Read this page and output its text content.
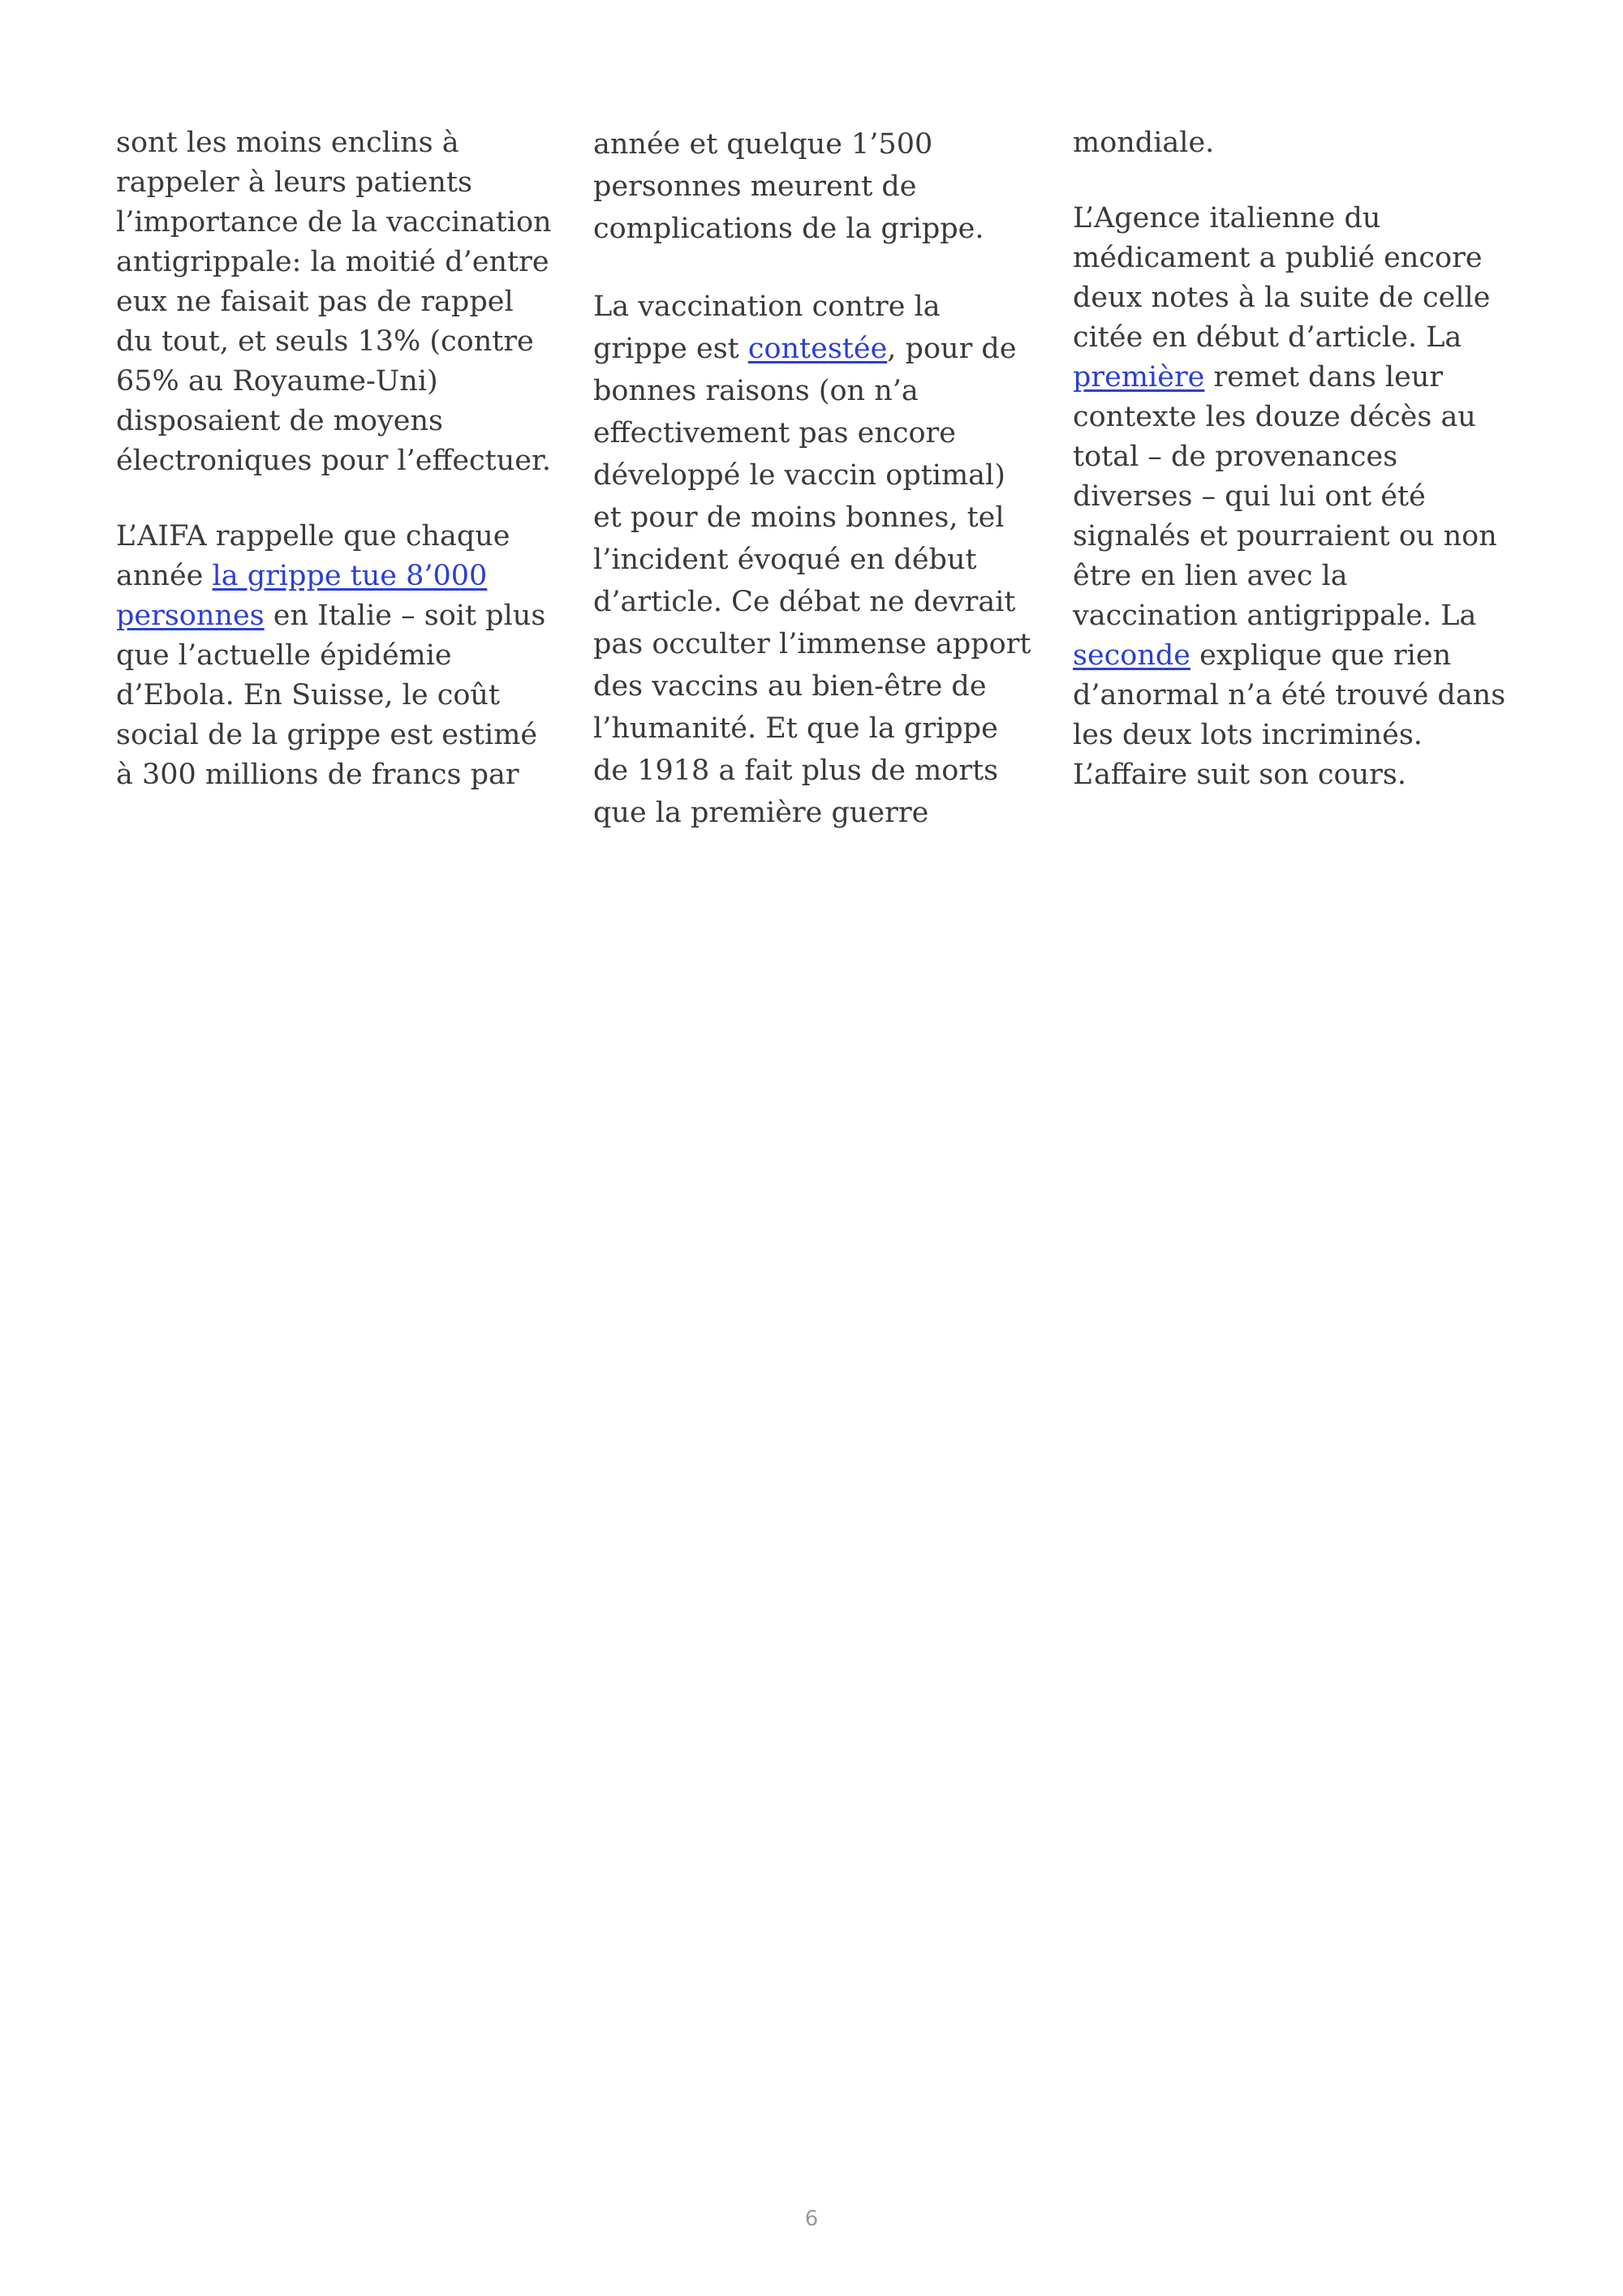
sont les moins enclins à rappeler à leurs patients l’importance de la vaccination antigrippale: la moitié d’entre eux ne faisait pas de rappel du tout, et seuls 13% (contre 65% au Royaume-Uni) disposaient de moyens électroniques pour l’effectuer.

L’AIFA rappelle que chaque année la grippe tue 8’000 personnes en Italie – soit plus que l’actuelle épidémie d’Ebola. En Suisse, le coût social de la grippe est estimé à 300 millions de francs par

année et quelque 1’500 personnes meurent de complications de la grippe.

La vaccination contre la grippe est contestée, pour de bonnes raisons (on n’a effectivement pas encore développé le vaccin optimal) et pour de moins bonnes, tel l’incident évoqué en début d’article. Ce débat ne devrait pas occulter l’immense apport des vaccins au bien-être de l’humanité. Et que la grippe de 1918 a fait plus de morts que la première guerre

mondiale.

L’Agence italienne du médicament a publié encore deux notes à la suite de celle citée en début d’article. La première remet dans leur contexte les douze décès au total – de provenances diverses – qui lui ont été signalés et pourraient ou non être en lien avec la vaccination antigrippale. La seconde explique que rien d’anormal n’a été trouvé dans les deux lots incriminés. L’affaire suit son cours.

6
